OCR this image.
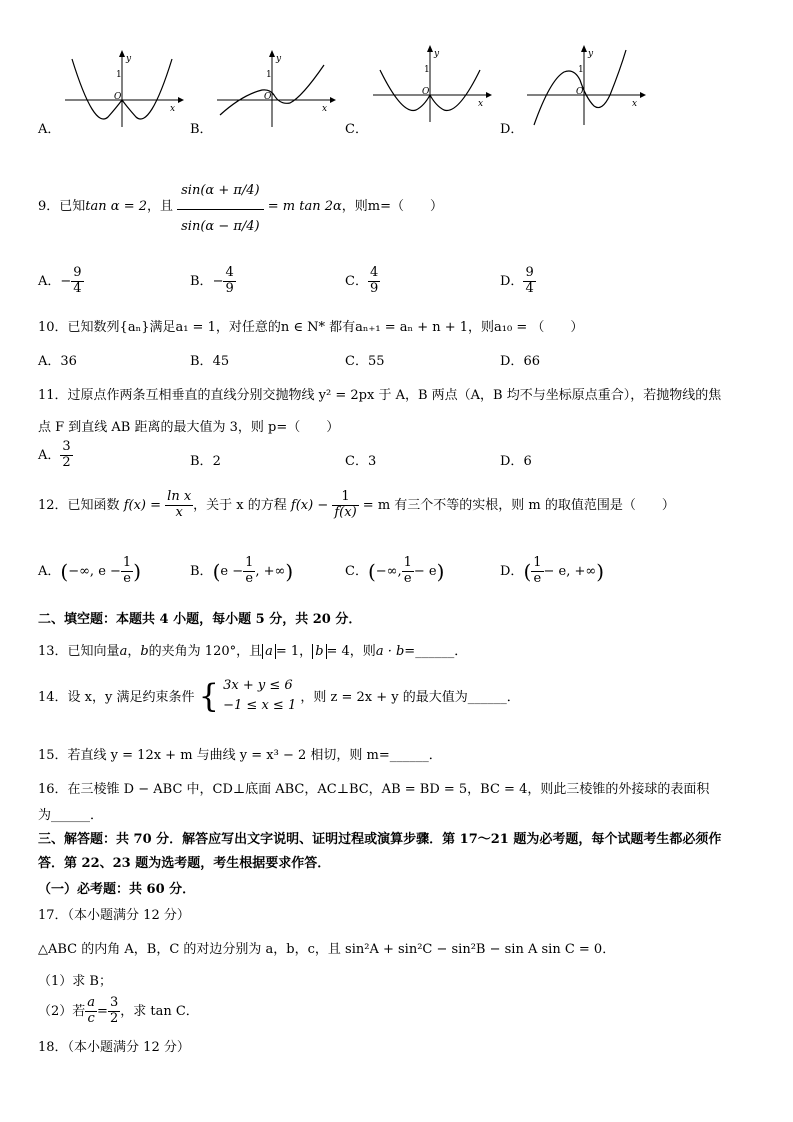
A．
1
O
y
x
B．
1
O
y
x
C．
1
O
y
x
D．
1
O
y
x
9．已知tan α = 2，且 $\frac{\sin(\alpha + \pi/4)}{\sin(\alpha - \pi/4)} = m$ tan 2α，则m=（　　）
A．− $\frac{9}{4}$	B．− $\frac{4}{9}$	C． $\frac{4}{9}$	D． $\frac{9}{4}$
10．已知数列{aₙ}满足a₁ = 1，对任意的n ∈ N* 都有aₙ₊₁ = aₙ + n + 1，则a₁₀ = （　　）
A．36	B．45	C．55	D．66
11．过原点作两条互相垂直的直线分别交抛物线 y² = 2px 于 A，B 两点（A，B 均不与坐标原点重合），若抛物线的焦
点 F 到直线 AB 距离的最大值为 3，则 p=（　　）
A． $\frac{3}{2}$	B．2	C．3	D．6
12．已知函数 $f(x) = \frac{\text{ln x}}{x}$ ，关于 x 的方程 $f(x) - \frac{1}{f(x)} = m$ 有三个不等的实根，则 m 的取值范围是（　　）
A．(−∞, $e - \frac{1}{e}$ )	B．($e - \frac{1}{e}$ , +∞)	C．(−∞, $\frac{1}{e} - e$)	D．( $\frac{1}{e} - e$, +∞)
二、填空题：本题共 4 小题，每小题 5 分，共 20 分．
13．已知向量a，b的夹角为 120°，且 a = 1， b = 4，则a · b=______．
14．设 x，y 满足约束条件 { 3x + y ≤ 6
−1 ≤ x ≤ 1 ，则 z = 2x + y 的最大值为______．
15．若直线 y = 12x + m 与曲线 y = x³ − 2 相切，则 m=______．
16．在三棱锥 D − ABC 中，CD⊥底面 ABC，AC⊥BC，AB = BD = 5，BC = 4，则此三棱锥的外接球的表面积
为______．
三、解答题：共 70 分．解答应写出文字说明、证明过程或演算步骤．第 17～21 题为必考题，每个试题考生都必须作
答．第 22、23 题为选考题，考生根据要求作答．
（一）必考题：共 60 分．
17．（本小题满分 12 分）
△ABC 的内角 A，B，C 的对边分别为 a，b，c，且 sin²A + sin²C − sin²B − sin A sin C = 0．
（1）求 B；
（2）若 $\frac{a}{c} = \frac{3}{2}$ ，求 tan C．
18．（本小题满分 12 分）
